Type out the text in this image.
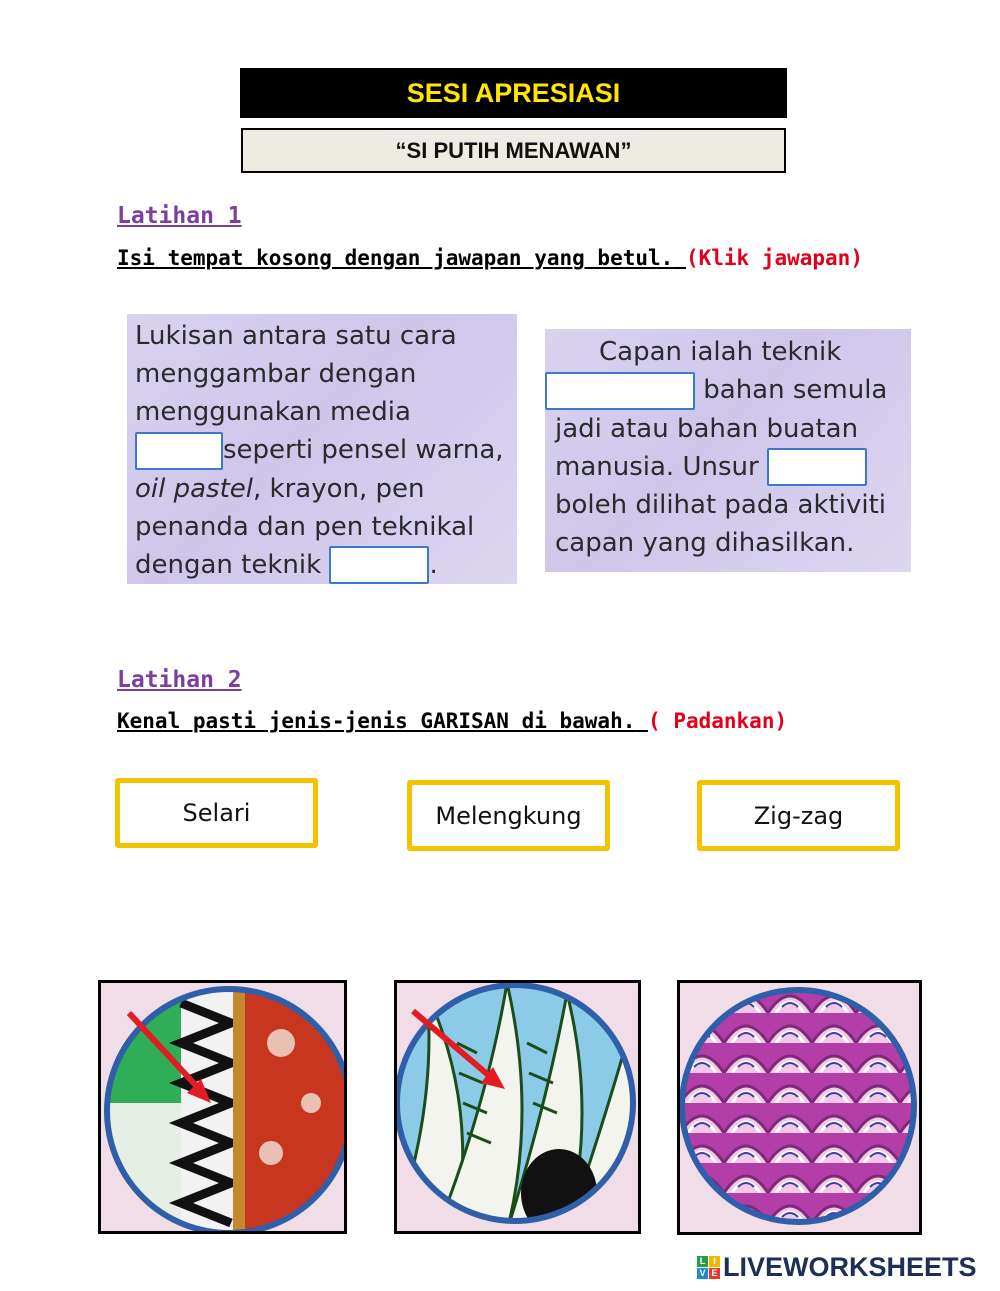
SESI APRESIASI
“SI PUTIH MENAWAN”
Latihan 1
Isi tempat kosong dengan jawapan yang betul. (Klik jawapan)

Lukisan antara satu cara

menggambar dengan

menggunakan media

seperti pensel warna,

oil pastel, krayon, pen

penanda dan pen teknikal

dengan teknik	.

Capan ialah teknik

bahan semula

jadi atau bahan buatan

manusia. Unsur

boleh dilihat pada aktiviti

capan yang dihasilkan.

Latihan 2
Kenal pasti jenis-jenis GARISAN di bawah. ( Padankan)
Selari	Melengkung	Zig-zag
L I
V E LIVEWORKSHEETS
